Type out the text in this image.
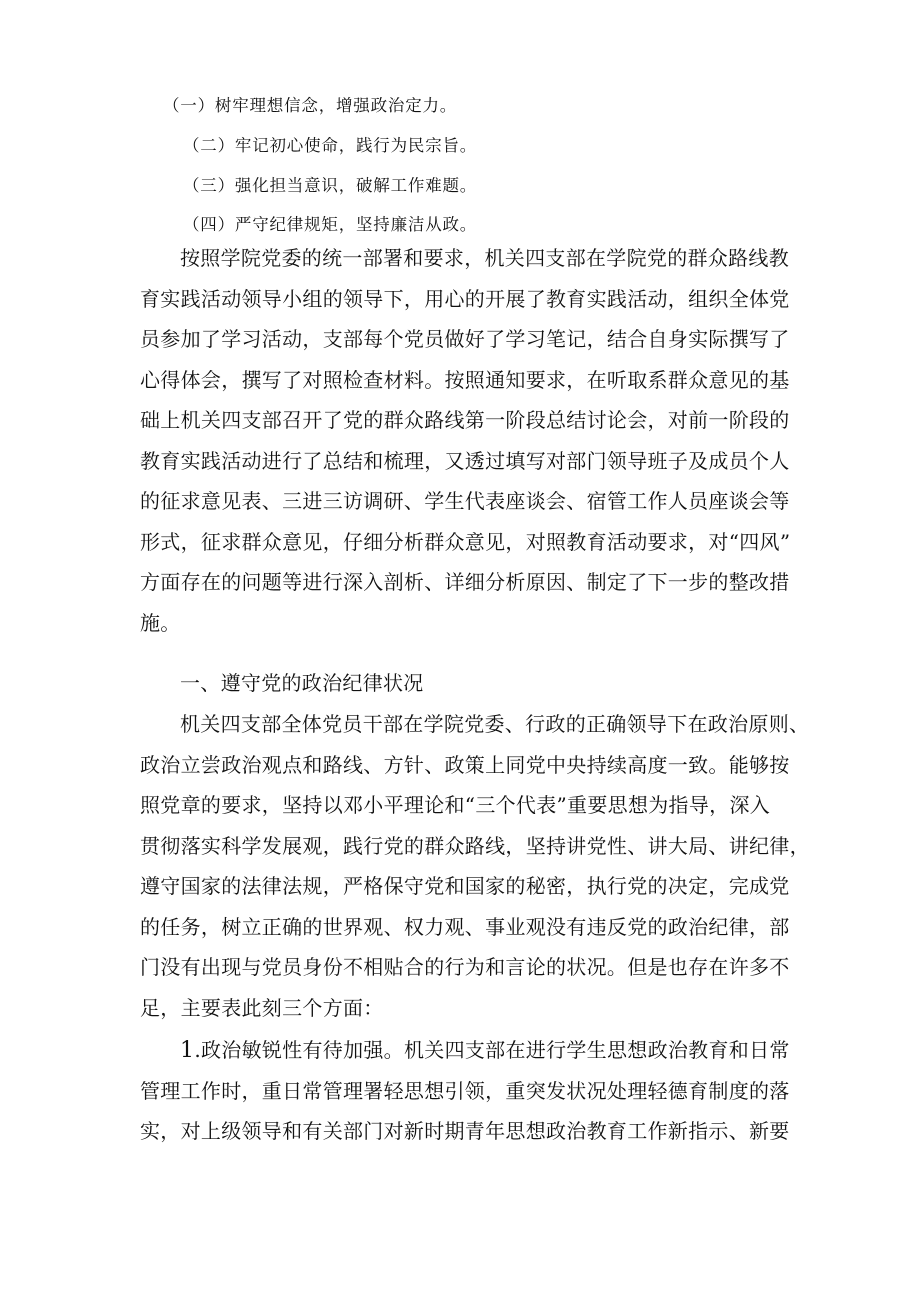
（一）树牢理想信念，增强政治定力。
（二）牢记初心使命，践行为民宗旨。
（三）强化担当意识，破解工作难题。
（四）严守纪律规矩，坚持廉洁从政。
按照学院党委的统一部署和要求，机关四支部在学院党的群众路线教
育实践活动领导小组的领导下，用心的开展了教育实践活动，组织全体党
员参加了学习活动，支部每个党员做好了学习笔记，结合自身实际撰写了
心得体会，撰写了对照检查材料。按照通知要求，在听取系群众意见的基
础上机关四支部召开了党的群众路线第一阶段总结讨论会，对前一阶段的
教育实践活动进行了总结和梳理，又透过填写对部门领导班子及成员个人
的征求意见表、三进三访调研、学生代表座谈会、宿管工作人员座谈会等
形式，征求群众意见，仔细分析群众意见，对照教育活动要求，对“四风”
方面存在的问题等进行深入剖析、详细分析原因、制定了下一步的整改措
施。
一、遵守党的政治纪律状况
机关四支部全体党员干部在学院党委、行政的正确领导下在政治原则、
政治立尝政治观点和路线、方针、政策上同党中央持续高度一致。能够按
照党章的要求，坚持以邓小平理论和“三个代表”重要思想为指导，深入
贯彻落实科学发展观，践行党的群众路线，坚持讲党性、讲大局、讲纪律，
遵守国家的法律法规，严格保守党和国家的秘密，执行党的决定，完成党
的任务，树立正确的世界观、权力观、事业观没有违反党的政治纪律，部
门没有出现与党员身份不相贴合的行为和言论的状况。但是也存在许多不
足，主要表此刻三个方面：
1.政治敏锐性有待加强。机关四支部在进行学生思想政治教育和日常
管理工作时，重日常管理署轻思想引领，重突发状况处理轻德育制度的落
实，对上级领导和有关部门对新时期青年思想政治教育工作新指示、新要
